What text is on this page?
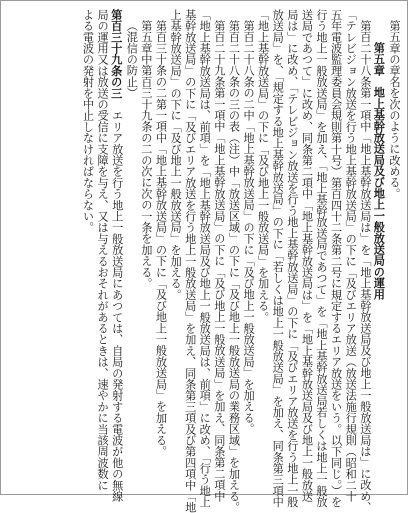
第五章の章名を次のように改める。
第五章　地上基幹放送局及び地上一般放送局の運用
第百二十八条第一項中「地上基幹放送局は」を「地上基幹放送局及び地上一般放送局は」に改め、
「テレビジョン放送を行う地上基幹放送局」の下に「及びエリア放送（放送法施行規則（昭和二十
五年電波監理委員会規則第十号）第百四十二条第二号に規定するエリア放送をいう。以下同じ。）を
行う地上一般放送局」を加え、「地上基幹放送局であつて」を「地上基幹放送局若しくは地上一般放
送局であつて」に改め、同条第二項中「地上基幹放送局は」を「地上基幹放送局及び地上一般放送
局は」に改め、「テレビジョン放送を行う地上基幹放送局」の下に「及びエリア放送を行う地上一般
放送局」を、「規定する地上基幹放送局」の下に「若しくは地上一般放送局」を加え、同条第三項中
「地上基幹放送局」の下に「及び地上一般放送局」を加える。
第百二十八条の二中「地上基幹放送局」の下に「及び地上一般放送局」を加える。
第百二十八条の三の表（注）中「放送区域」の下に「及び地上一般放送局の業務区域」を加える。
第百二十九条第一項中「地上基幹放送局」の下に「及び地上一般放送局」を加え、同条第二項中
「地上基幹放送局は、前項」を「地上基幹放送局及び地上一般放送局は、前項」に改め、「行う地上
基幹放送局」の下に「及びエリア放送を行う地上一般放送局」を加え、同条第三項及び第四項中「地
上基幹放送局」の下に「及び地上一般放送局」を加える。
第百三十条の二第一項中「地上基幹放送局」の下に「及び地上一般放送局」を加える。
第五章中第百三十九条の二の次に次の一条を加える。
（混信の防止）
第百三十九条の三　エリア放送を行う地上一般放送局にあつては、自局の発射する電波が他の無線
局の運用又は放送の受信に支障を与え、又は与えるおそれがあるときは、速やかに当該周波数に
よる電波の発射を中止しなければならない。
